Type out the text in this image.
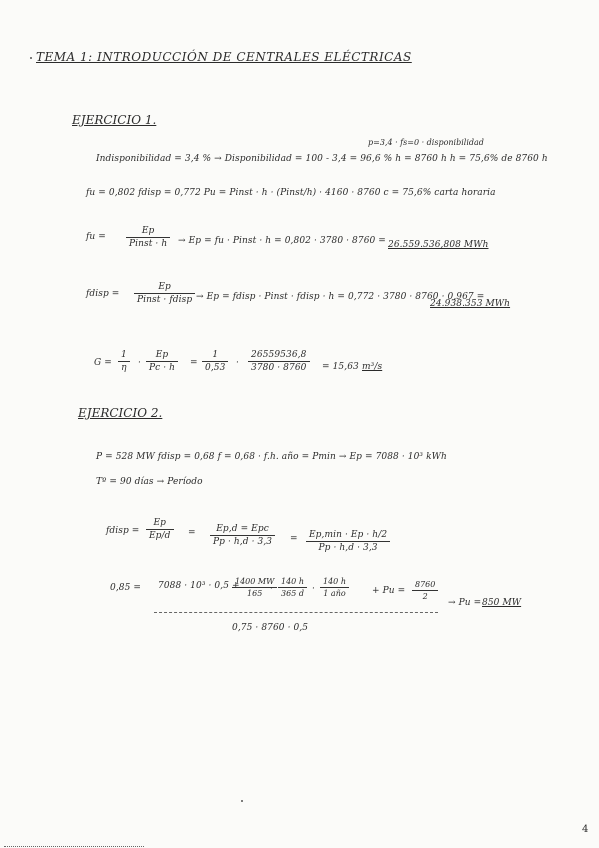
TEMA 1: INTRODUCCIÓN DE CENTRALES ELÉCTRICAS
EJERCICIO 1.
p=3,4 · fs=0 · disponibilidad
Indisponibilidad = 3,4 % → Disponibilidad = 100 - 3,4 = 96,6 % h = 8760 h h = 75,6% de 8760 h
fu = 0,802 fdisp = 0,772 Pu = Pinst · h · (Pinst/h) · 4160 · 8760 c = 75,6% carta horaria
fu =
Ep
Pinst · h	→ Ep = fu · Pinst · h = 0,802 · 3780 · 8760 = 26.559.536,808 MWh
fdisp =
Ep
Pinst · fdisp → Ep = fdisp · Pinst · fdisp · h = 0,772 · 3780 · 8760 · 0,967 =
24.938.353 MWh
$G = \frac{1}{\eta} \cdot \frac{Ep}{Pc \cdot h} = \frac{1}{0,53} \cdot \frac{26559536,8}{3780 \cdot 8760} = 15,63$ m³/s
EJERCICIO 2.
P = 528 MW fdisp = 0,68 f = 0,68 · f.h. año = Pmin → Ep = 7088 · 10³ kWh
Tº = 90 días → Período
fdisp = $\frac{Ep}{Ep/d}$ =	Ep,d = Epc
Pp · h,d · 3,3	=	Ep,min · Ep · h/2
Pp · h,d · 3,3
0,85 = 7088 · 10³ · 0,5 +
$\frac{1400 MW}{165}$
· $\frac{140 h}{365 d}$ ·
140 h
1 año	+ $Pu = \frac{8760}{2}$
→ Pu = 850 MW
0,75 · 8760 · 0,5
4
